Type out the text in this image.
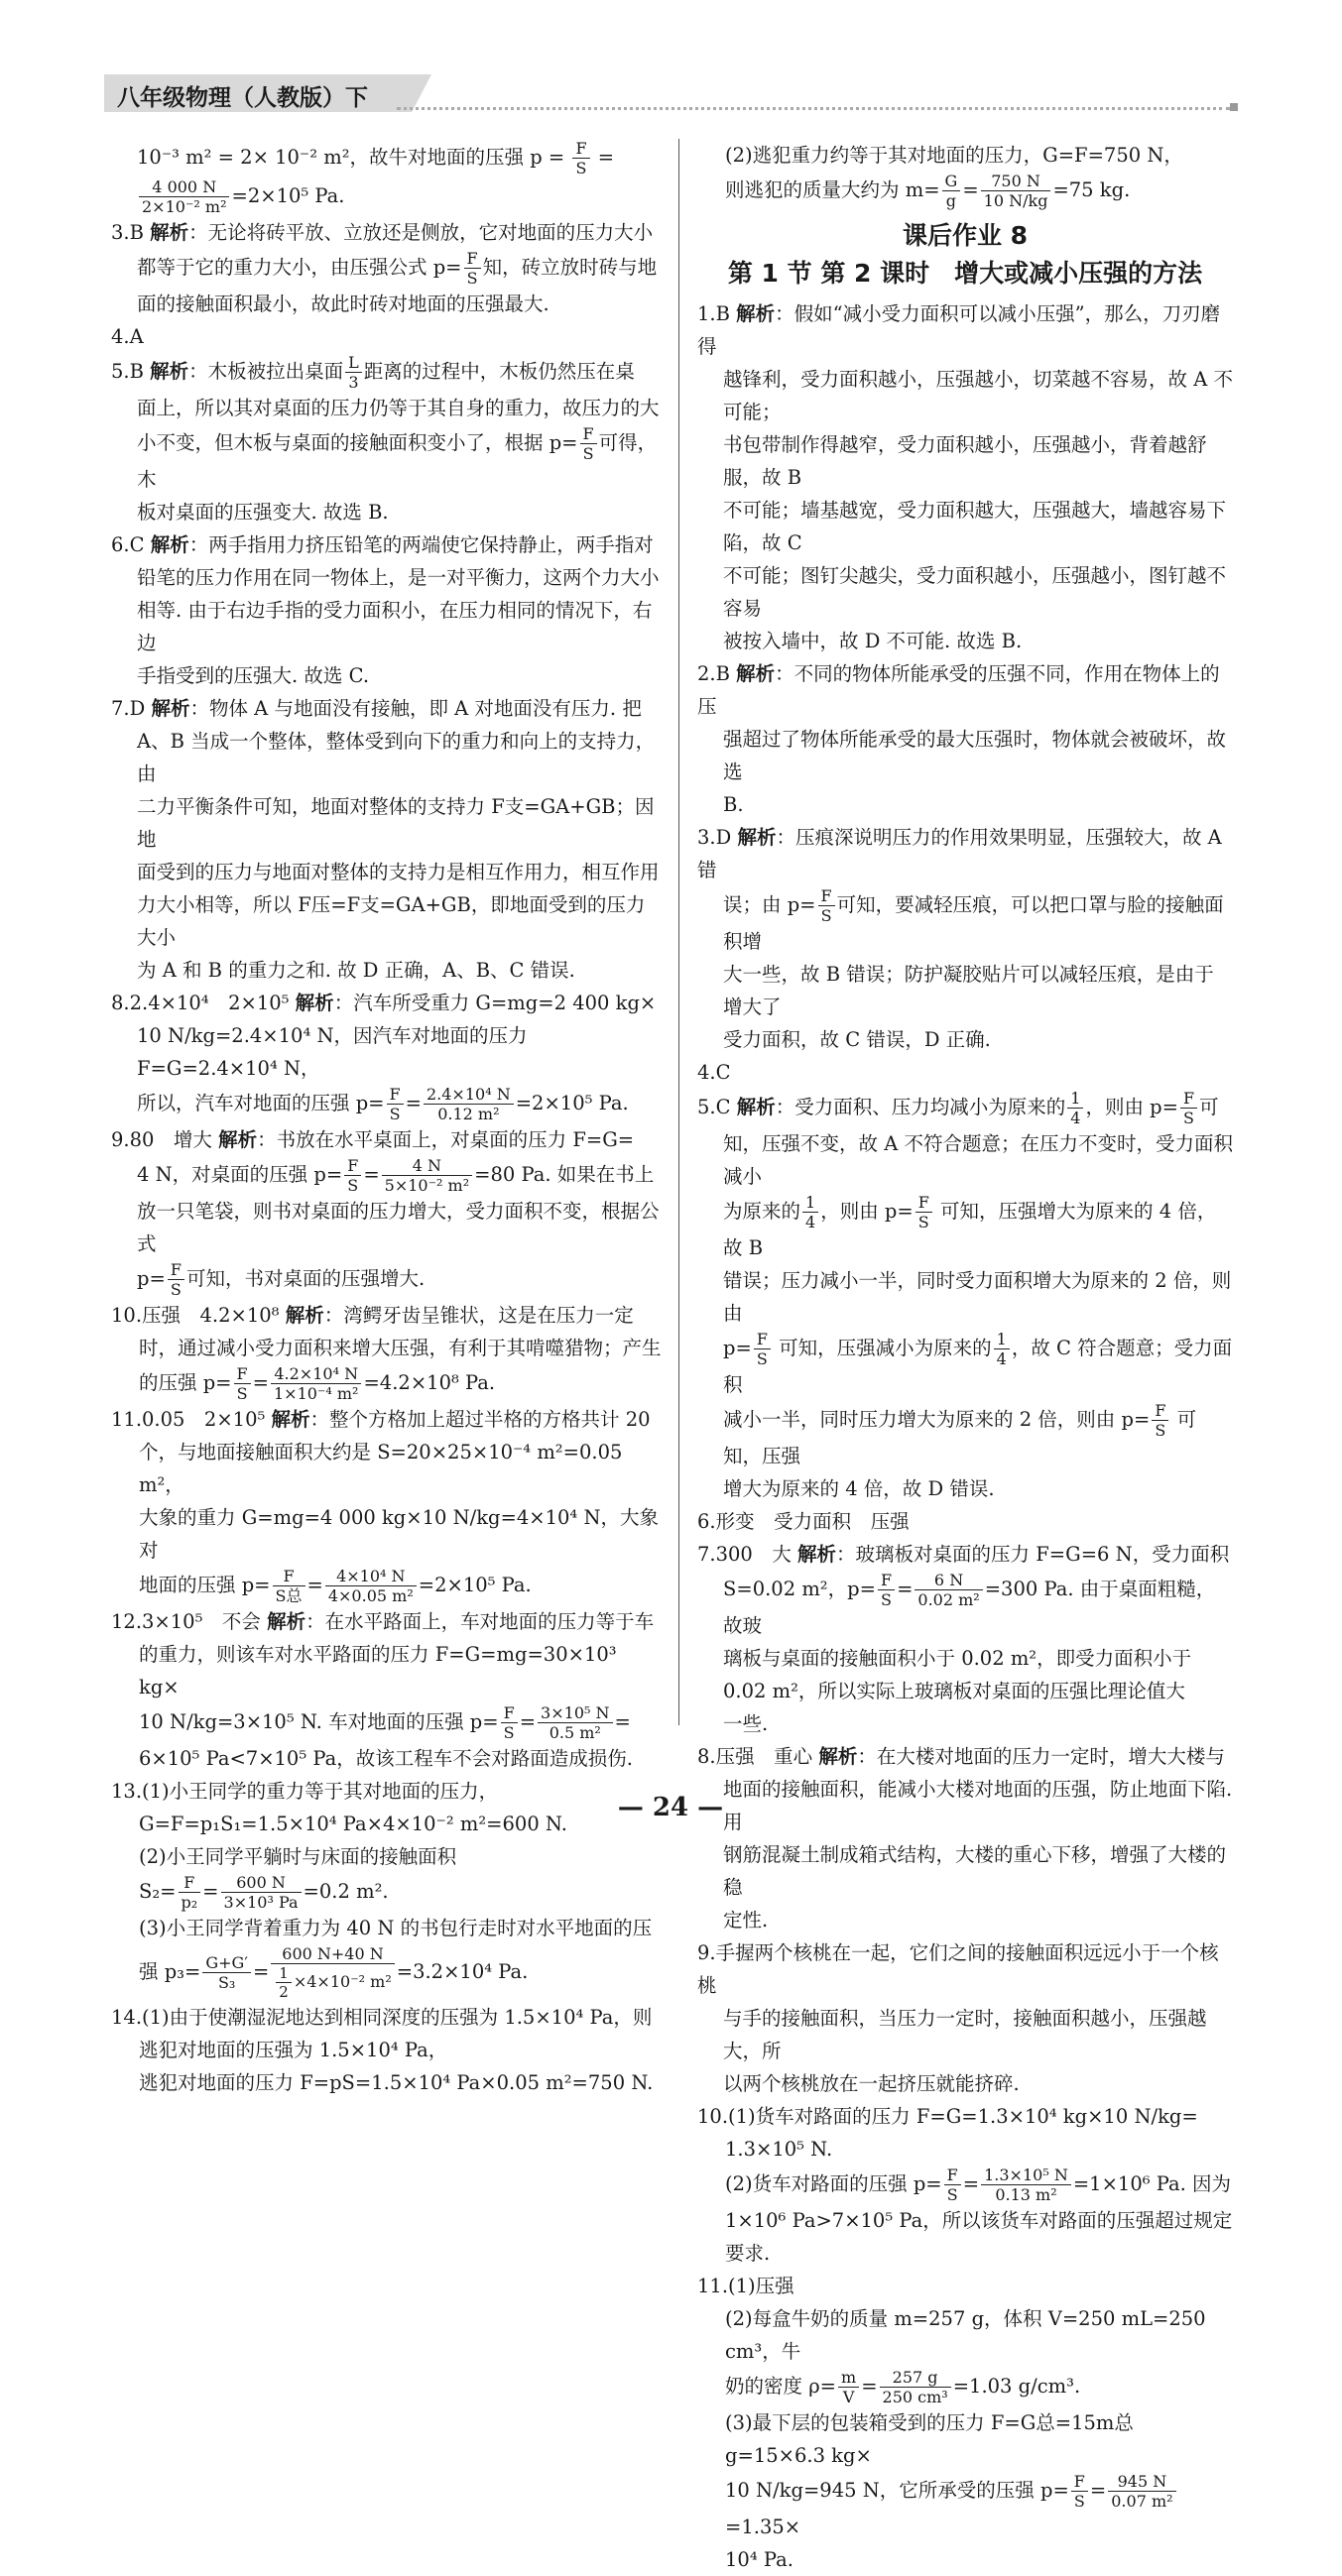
八年级物理（人教版）下

10⁻³ m² = 2× 10⁻² m²，故牛对地面的压强 $p = \frac{F}{S}$ =

$\frac{4 000 N}{\text{2×10⁻² m²}} =2\times 10^5$ Pa.

3.B 解析：无论将砖平放、立放还是侧放，它对地面的压力大小

都等于它的重力大小，由压强公式 $p= \frac{F}{S}$ 知，砖立放时砖与地

面的接触面积最小，故此时砖对地面的压强最大.

4.A

5.B 解析：木板被拉出桌面 $\frac{L}{3}$ 距离的过程中，木板仍然压在桌

面上，所以其对桌面的压力仍等于其自身的重力，故压力的大

小不变，但木板与桌面的接触面积变小了，根据 $p= \frac{F}{S}$ 可得，木

板对桌面的压强变大. 故选 B.

6.C 解析：两手指用力挤压铅笔的两端使它保持静止，两手指对

铅笔的压力作用在同一物体上，是一对平衡力，这两个力大小

相等. 由于右边手指的受力面积小，在压力相同的情况下，右边

手指受到的压强大. 故选 C.

7.D 解析：物体 A 与地面没有接触，即 A 对地面没有压力. 把

A、B 当成一个整体，整体受到向下的重力和向上的支持力，由

二力平衡条件可知，地面对整体的支持力 F支=GA+GB；因地

面受到的压力与地面对整体的支持力是相互作用力，相互作用

力大小相等，所以 F压=F支=GA+GB，即地面受到的压力大小

为 A 和 B 的重力之和. 故 D 正确，A、B、C 错误.

8.2.4×10⁴　2×10⁵ 解析：汽车所受重力 G=mg=2 400 kg×

10 N/kg=2.4×10⁴ N，因汽车对地面的压力 F=G=2.4×10⁴ N，

所以，汽车对地面的压强 $p= \frac{F}{S} = \frac{\text{2.4×10⁴ N}}{\text{0.12 m²}} =2\times 10^5$ Pa.

9.80　增大 解析：书放在水平桌面上，对桌面的压力 F=G=

4 N，对桌面的压强 $p= \frac{F}{S} = \frac{4 N}{\text{5×10⁻² m²}} =80$ Pa. 如果在书上

放一只笔袋，则书对桌面的压力增大，受力面积不变，根据公式

$p= \frac{F}{S}$ 可知，书对桌面的压强增大.

10.压强　4.2×10⁸ 解析：湾鳄牙齿呈锥状，这是在压力一定

时，通过减小受力面积来增大压强，有利于其啃噬猎物；产生

的压强 $p= \frac{F}{S} = \frac{\text{4.2×10⁴ N}}{\text{1×10⁻⁴ m²}} =4.2\times 10^8$ Pa.

11.0.05　2×10⁵ 解析：整个方格加上超过半格的方格共计 20

个，与地面接触面积大约是 S=20×25×10⁻⁴ m²=0.05 m²，

大象的重力 G=mg=4 000 kg×10 N/kg=4×10⁴ N，大象对

地面的压强 $p= \frac{F}{\text{S总}} = \frac{\text{4×10⁴ N}}{\text{4×0.05 m²}} =2\times 10^5$ Pa.

12.3×10⁵　不会 解析：在水平路面上，车对地面的压力等于车

的重力，则该车对水平路面的压力 F=G=mg=30×10³ kg×

10 N/kg=3×10⁵ N. 车对地面的压强 $p= \frac{F}{S} = \frac{\text{3×10⁵ N}}{\text{0.5 m²}}$ =

6×10⁵ Pa<7×10⁵ Pa，故该工程车不会对路面造成损伤.

13.(1)小王同学的重力等于其对地面的压力，

G=F=p₁S₁=1.5×10⁴ Pa×4×10⁻² m²=600 N.

(2)小王同学平躺时与床面的接触面积

$S_2= \frac{F}{\text{p₂}} = \frac{600 N}{\text{3×10³ Pa}} =0.2$ m².

(3)小王同学背着重力为 40 N 的书包行走时对水平地面的压

强 $p_3= \frac{G+G'}{\text{S₃}} = \frac{600 N+40 N}{\frac{1}{2} \times 4\times 10^{-2} m^2} =3.2\times 10^4$ Pa.

14.(1)由于使潮湿泥地达到相同深度的压强为 1.5×10⁴ Pa，则

逃犯对地面的压强为 1.5×10⁴ Pa，

逃犯对地面的压力 F=pS=1.5×10⁴ Pa×0.05 m²=750 N.

(2)逃犯重力约等于其对地面的压力，G=F=750 N，

则逃犯的质量大约为 $m= \frac{G}{g} = \frac{750 N}{10 N/kg} =75$ kg.

课后作业 8

第 1 节 第 2 课时　增大或减小压强的方法

1.B 解析：假如“减小受力面积可以减小压强”，那么，刀刃磨得

越锋利，受力面积越小，压强越小，切菜越不容易，故 A 不可能；

书包带制作得越窄，受力面积越小，压强越小，背着越舒服，故 B

不可能；墙基越宽，受力面积越大，压强越大，墙越容易下陷，故 C

不可能；图钉尖越尖，受力面积越小，压强越小，图钉越不容易

被按入墙中，故 D 不可能. 故选 B.

2.B 解析：不同的物体所能承受的压强不同，作用在物体上的压

强超过了物体所能承受的最大压强时，物体就会被破坏，故选

B.

3.D 解析：压痕深说明压力的作用效果明显，压强较大，故 A 错

误；由 $p= \frac{F}{S}$ 可知，要减轻压痕，可以把口罩与脸的接触面积增

大一些，故 B 错误；防护凝胶贴片可以减轻压痕，是由于增大了

受力面积，故 C 错误，D 正确.

4.C

5.C 解析：受力面积、压力均减小为原来的 $\frac{1}{4}$ ，则由 $p= \frac{F}{S}$ 可

知，压强不变，故 A 不符合题意；在压力不变时，受力面积减小

为原来的 $\frac{1}{4}$ ，则由 $p= \frac{F}{S}$ 可知，压强增大为原来的 4 倍，故 B

错误；压力减小一半，同时受力面积增大为原来的 2 倍，则由

$p= \frac{F}{S}$ 可知，压强减小为原来的 $\frac{1}{4}$ ，故 C 符合题意；受力面积

减小一半，同时压力增大为原来的 2 倍，则由 $p= \frac{F}{S}$ 可知，压强

增大为原来的 4 倍，故 D 错误.

6.形变　受力面积　压强

7.300　大 解析：玻璃板对桌面的压力 F=G=6 N，受力面积

S=0.02 m²，$p= \frac{F}{S} = \frac{6 N}{\text{0.02 m²}} =300$ Pa. 由于桌面粗糙，故玻

璃板与桌面的接触面积小于 0.02 m²，即受力面积小于

0.02 m²，所以实际上玻璃板对桌面的压强比理论值大

一些.

8.压强　重心 解析：在大楼对地面的压力一定时，增大大楼与

地面的接触面积，能减小大楼对地面的压强，防止地面下陷. 用

钢筋混凝土制成箱式结构，大楼的重心下移，增强了大楼的稳

定性.

9.手握两个核桃在一起，它们之间的接触面积远远小于一个核桃

与手的接触面积，当压力一定时，接触面积越小，压强越大，所

以两个核桃放在一起挤压就能挤碎.

10.(1)货车对路面的压力 F=G=1.3×10⁴ kg×10 N/kg=

1.3×10⁵ N.

(2)货车对路面的压强 $p= \frac{F}{S} = \frac{\text{1.3×10⁵ N}}{\text{0.13 m²}} =1\times 10^6$ Pa. 因为

1×10⁶ Pa>7×10⁵ Pa，所以该货车对路面的压强超过规定

要求.

11.(1)压强

(2)每盒牛奶的质量 m=257 g，体积 V=250 mL=250 cm³，牛

奶的密度 $\rho= \frac{m}{V} = \frac{257 g}{\text{250 cm³}} =1.03$ g/cm³.

(3)最下层的包装箱受到的压力 F=G总=15m总g=15×6.3 kg×

10 N/kg=945 N，它所承受的压强 $p= \frac{F}{S} = \frac{945 N}{\text{0.07 m²}}$
=1.35×

10⁴ Pa.

— 24 —
